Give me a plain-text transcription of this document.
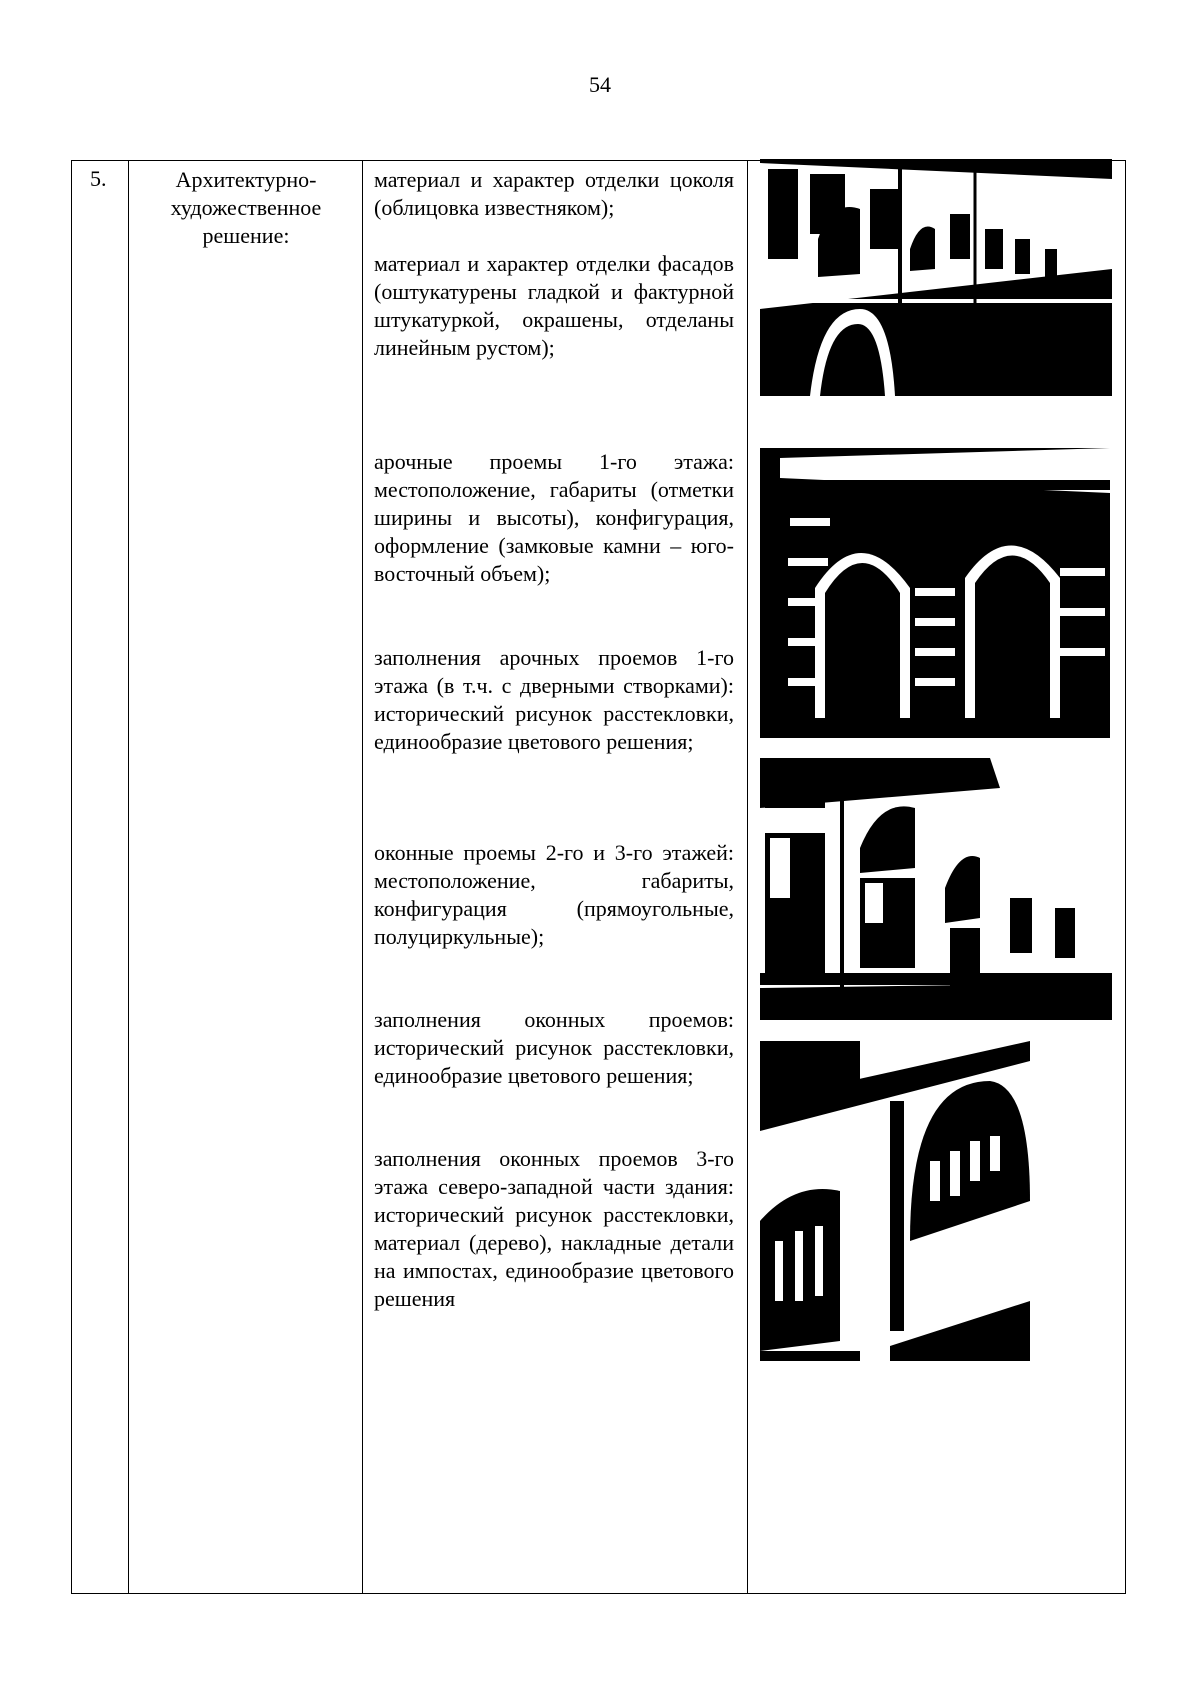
54
5.	Архитектурно-
художественное
решение:
материал и характер отделки цоколя (облицовка известняком);
материал и характер отделки фасадов (оштукатурены гладкой и фактурной штукатуркой, окрашены, отделаны линейным рустом);
арочные проемы 1-го этажа: местоположение, габариты (отметки ширины и высоты), конфигурация, оформление (замковые камни – юго-восточный объем);
заполнения арочных проемов 1-го этажа (в т.ч. с дверными створками): исторический рисунок расстекловки, единообразие цветового решения;
оконные проемы 2-го и 3-го этажей: местоположение, габариты, конфигурация (прямоугольные, полуциркульные);
заполнения оконных проемов: исторический рисунок расстекловки, единообразие цветового решения;
заполнения оконных проемов 3-го этажа северо-западной части здания: исторический рисунок расстекловки, материал (дерево), накладные детали на импостах, единообразие цветового решения
